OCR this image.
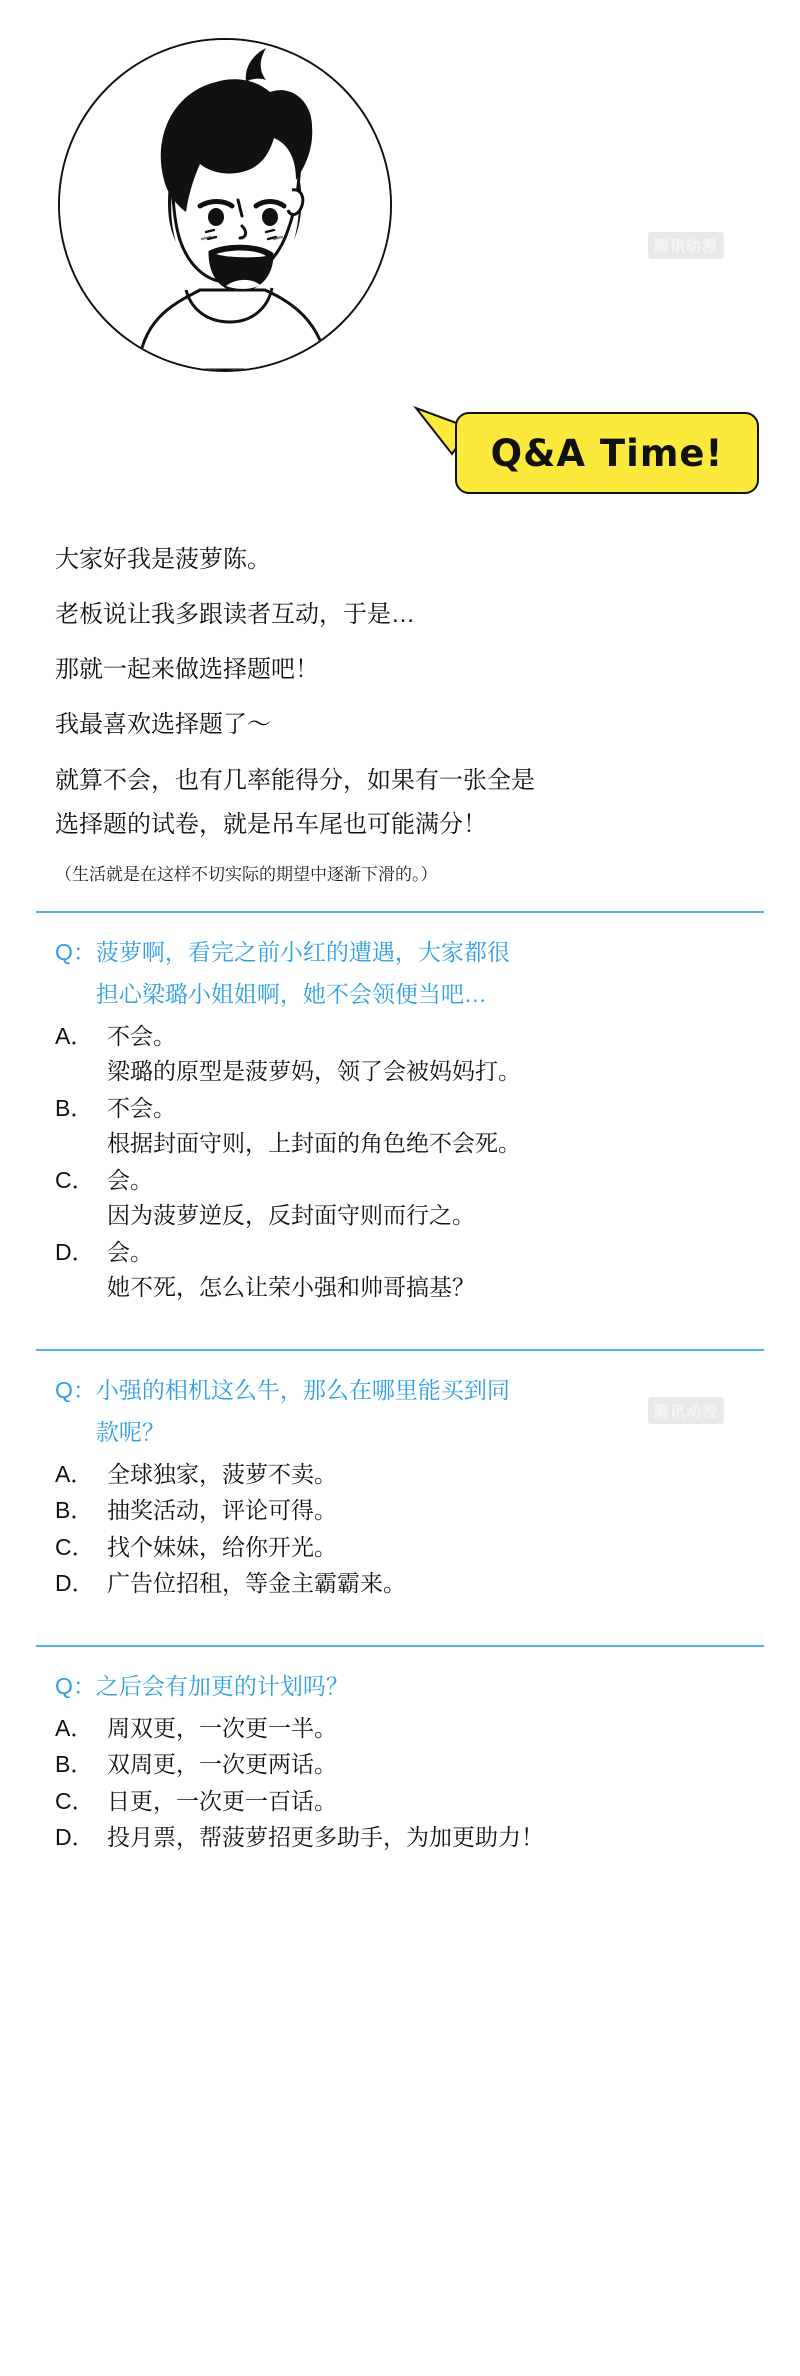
腾讯动漫
Q&A Time!

大家好我是菠萝陈。

老板说让我多跟读者互动，于是…

那就一起来做选择题吧！

我最喜欢选择题了～

就算不会，也有几率能得分，如果有一张全是

选择题的试卷，就是吊车尾也可能满分！

（生活就是在这样不切实际的期望中逐渐下滑的。）

Q： 菠萝啊，看完之前小红的遭遇，大家都很
担心梁璐小姐姐啊，她不会领便当吧…
A． 不会。
梁璐的原型是菠萝妈，领了会被妈妈打。
B． 不会。
根据封面守则，上封面的角色绝不会死。
C． 会。
因为菠萝逆反，反封面守则而行之。
D． 会。
她不死，怎么让荣小强和帅哥搞基？
腾讯动漫
Q： 小强的相机这么牛，那么在哪里能买到同
款呢？
A． 全球独家，菠萝不卖。
B． 抽奖活动，评论可得。
C． 找个妹妹，给你开光。
D． 广告位招租，等金主霸霸来。
Q： 之后会有加更的计划吗？
A． 周双更，一次更一半。
B． 双周更，一次更两话。
C． 日更，一次更一百话。
D． 投月票，帮菠萝招更多助手，为加更助力！
